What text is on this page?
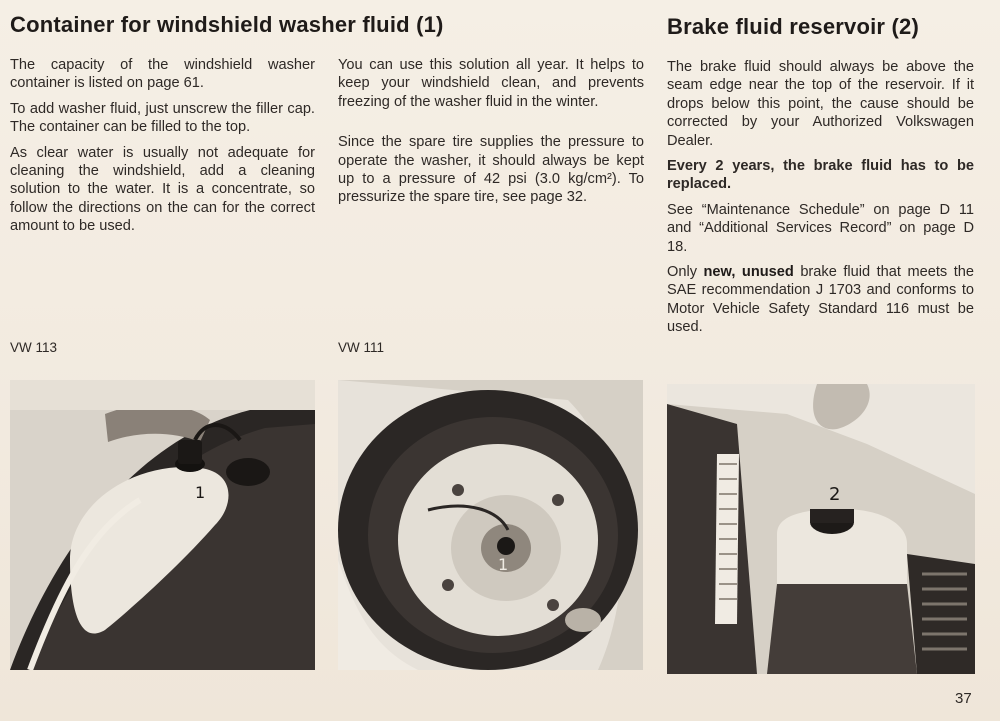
Container for windshield washer fluid (1)	Brake fluid reservoir (2)

The capacity of the windshield washer container is listed on page 61.

To add washer fluid, just unscrew the filler cap. The container can be filled to the top.

As clear water is usually not adequate for cleaning the windshield, add a cleaning solution to the water. It is a concentrate, so follow the directions on the can for the correct amount to be used.

You can use this solution all year. It helps to keep your windshield clean, and prevents freezing of the washer fluid in the winter.

Since the spare tire supplies the pressure to operate the washer, it should always be kept up to a pressure of 42 psi (3.0 kg/cm²). To pressurize the spare tire, see page 32.

The brake fluid should always be above the seam edge near the top of the reservoir. If it drops below this point, the cause should be corrected by your Authorized Volkswagen Dealer.

Every 2 years, the brake fluid has to be replaced.

See “Maintenance Schedule” on page D 11 and “Additional Services Record” on page D 18.

Only new, unused brake fluid that meets the SAE recommendation J 1703 and conforms to Motor Vehicle Safety Standard 116 must be used.

VW 113	VW 111
1
1
2
37
